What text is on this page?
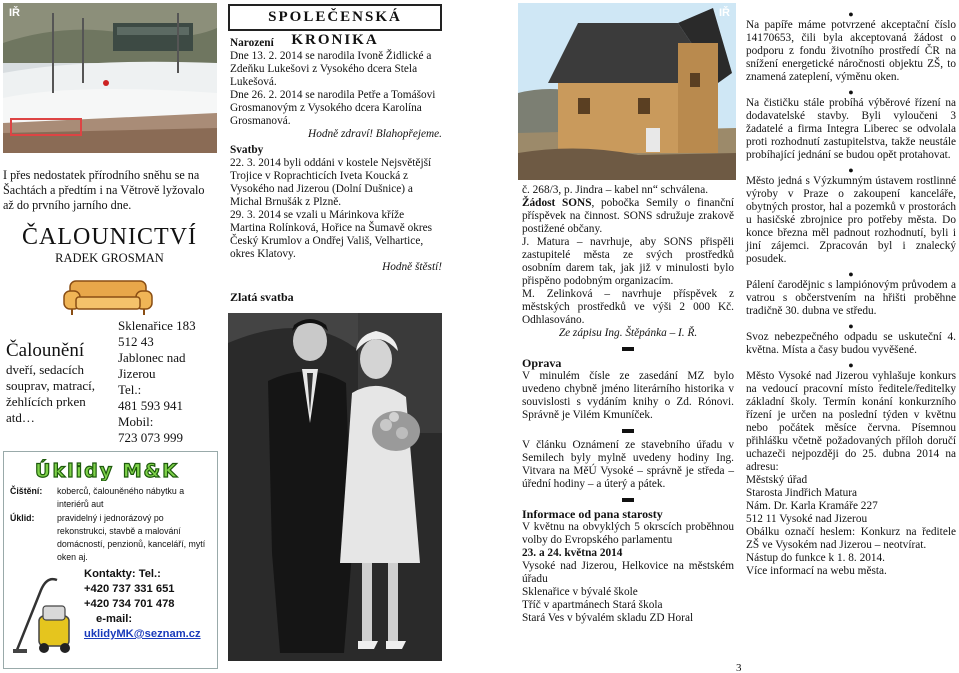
IŘ

I přes nedostatek přírodního sněhu se na Šachtách a předtím i na Větrově lyžovalo až do prvního jarního dne.

ČALOUNICTVÍ
RADEK GROSMAN
Čalounění
dveří, sedacích souprav, matrací, žehlících prken atd…
Sklenařice 183
512 43
Jablonec nad
Jizerou
Tel.:
481 593 941
Mobil:
723 073 999
Úklidy M&K
Čištění: koberců, čalouněného nábytku a interiérů aut
Úklid:	pravidelný i jednorázový po rekonstrukci, stavbě a malování domácností, penzionů, kanceláří, mytí oken aj.
Kontakty: Tel.:
+420 737 331 651
+420 734 701 478
e-mail:
uklidyMK@seznam.cz
SPOLEČENSKÁ KRONIKA

Narození

Dne 13. 2. 2014 se narodila Ivoně Židlické a Zdeňku Lukešovi z Vysokého dcera Stela Lukešová.

Dne 26. 2. 2014 se narodila Petře a Tomášovi Grosmanovým z Vysokého dcera Karolína Grosmanová.

Hodně zdraví! Blahopřejeme.

Svatby

22. 3. 2014 byli oddáni v kostele Nejsvětější Trojice v Roprachticích Iveta Koucká z Vysokého nad Jizerou (Dolní Dušnice) a Michal Brnušák z Plzně.

29. 3. 2014 se vzali u Márinkova kříže Martina Rolínková, Hořice na Šumavě okres Český Krumlov a Ondřej Vališ, Velhartice, okres Klatovy.

Hodně štěstí!

Zlatá svatba
IŘ

č. 268/3, p. Jindra – kabel nn“ schválena.

Žádost SONS, pobočka Semily o finanční příspěvek na činnost. SONS sdružuje zrakově postižené občany.

J. Matura – navrhuje, aby SONS přispěli zastupitelé města ze svých prostředků osobním darem tak, jak již v minulosti bylo přispěno podobným organizacím.

M. Zelinková – navrhuje příspěvek z městských prostředků ve výši 2 000 Kč. Odhlasováno.

Ze zápisu Ing. Štěpánka – I. Ř.

Oprava

V minulém čísle ze zasedání MZ bylo uvedeno chybně jméno literárního historika v souvislosti s vydáním knihy o Zd. Rónovi. Správně je Vilém Kmuníček.

V článku Oznámení ze stavebního úřadu v Semilech byly mylně uvedeny hodiny Ing. Vitvara na MěÚ Vysoké – správně je středa – úřední hodiny – a úterý a pátek.

Informace od pana starosty

V květnu na obvyklých 5 okrscích proběhnou volby do Evropského parlamentu

23. a 24. května 2014

Vysoké nad Jizerou, Helkovice na městském úřadu

Sklenařice v bývalé škole

Tříč v apartmánech Stará škola

Stará Ves v bývalém skladu ZD Horal

3
●

Na papíře máme potvrzené akceptační číslo 14170653, čili byla akceptovaná žádost o podporu z fondu životního prostředí ČR na snížení energetické náročnosti objektu ZŠ, to znamená zateplení, výměnu oken.

●

Na čističku stále probíhá výběrové řízení na dodavatelské stavby. Byli vyloučeni 3 žadatelé a firma Integra Liberec se odvolala proti rozhodnutí zastupitelstva, takže neustále probíhající jednání se budou opět protahovat.

●

Město jedná s Výzkumným ústavem rostlinné výroby v Praze o zakoupení kanceláře, obytných prostor, hal a pozemků v prostorách u hasičské zbrojnice pro potřeby města. Do konce března měl padnout rozhodnutí, byli i jiní zájemci. Zpracován byl i znalecký posudek.

●

Pálení čarodějnic s lampiónovým průvodem a vatrou s občerstvením na hřišti proběhne tradičně 30. dubna ve středu.

●

Svoz nebezpečného odpadu se uskuteční 4. května. Místa a časy budou vyvěšené.

●

Město Vysoké nad Jizerou vyhlašuje konkurs na vedoucí pracovní místo ředitele/ředitelky základní školy. Termín konání konkurzního řízení je určen na poslední týden v květnu nebo počátek měsíce června. Písemnou přihlášku včetně požadovaných příloh doručí uchazeči nejpozději do 25. dubna 2014 na adresu:

Městský úřad

Starosta Jindřich Matura

Nám. Dr. Karla Kramáře 227

512 11 Vysoké nad Jizerou

Obálku označí heslem: Konkurz na ředitele ZŠ ve Vysokém nad Jizerou – neotvírat.

Nástup do funkce k 1. 8. 2014.

Více informací na webu města.
